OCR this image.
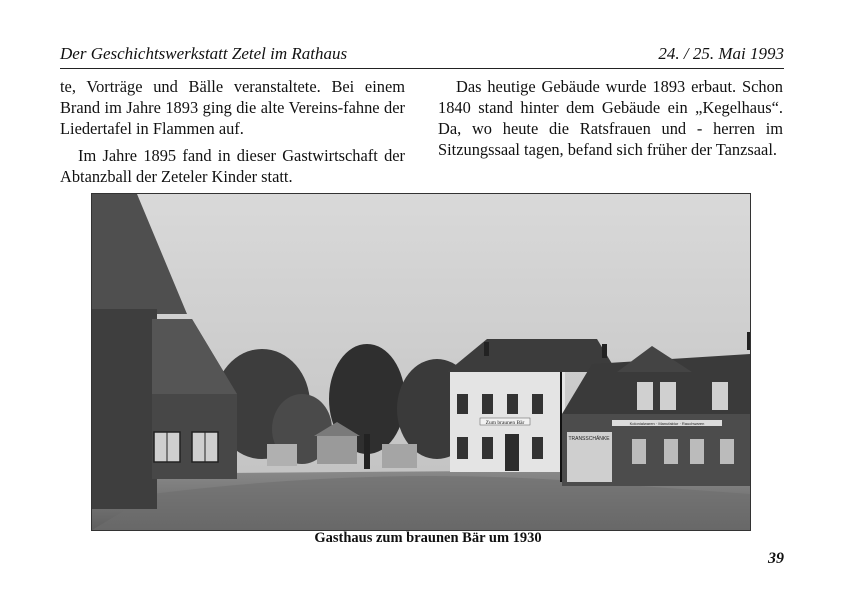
Der Geschichtswerkstatt Zetel im Rathaus	24. / 25. Mai 1993

te, Vorträge und Bälle veranstaltete. Bei einem Brand im Jahre 1893 ging die alte Vereins-fahne der Liedertafel in Flammen auf.

Im Jahre 1895 fand in dieser Gastwirtschaft der Abtanzball der Zeteler Kinder statt.

Das heutige Gebäude wurde 1893 erbaut. Schon 1840 stand hinter dem Gebäude ein „Kegelhaus“. Da, wo heute die Ratsfrauen und - herren im Sitzungssaal tagen, befand sich früher der Tanzsaal.

Zum braunen Bär	Kolonialwaren · Manufaktur · Rauchwaren
TRANSSCHÄNKE
Gasthaus zum braunen Bär um 1930
39
